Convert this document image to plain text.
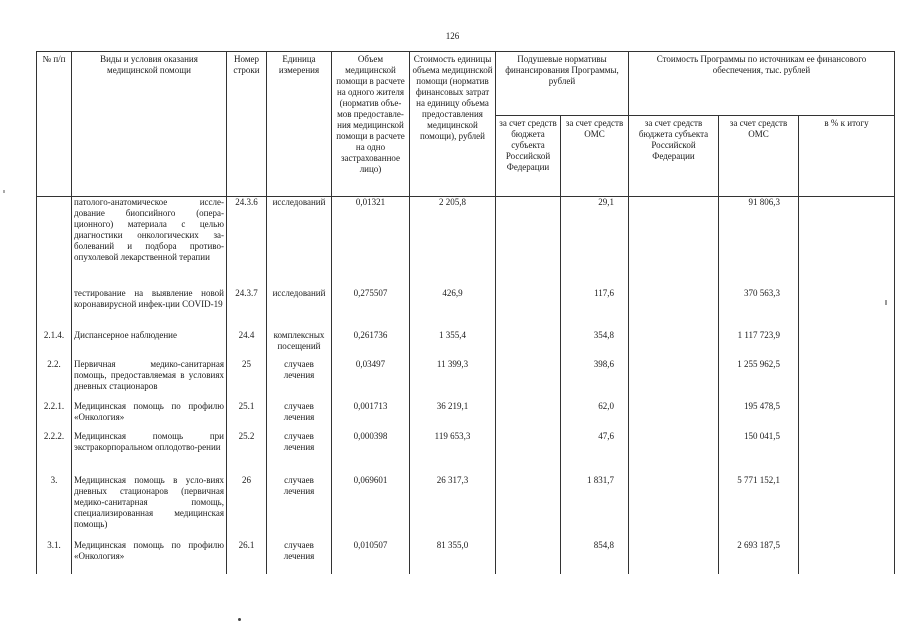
126
№ п/п	Виды и условия оказания медицинской помощи	Номер строки	Единица измерения	Объем медицинской помощи в расчете на одного жителя (норматив объе-мов предоставле-ния медицинской помощи в расчете на одно застрахованное лицо)	Стоимость единицы объема медицинской помощи (норматив финансовых затрат на единицу объема предоставления медицинской помощи), рублей	Подушевые нормативы финансирования Программы, рублей		Стоимость Программы по источникам ее финансового обеспечения, тыс. рублей		
						за счет средств бюджета субъекта Российской Федерации	за счет средств ОМС	за счет средств бюджета субъекта Российской Федерации	за счет средств ОМС	в % к итогу
	патолого-анатомическое иссле-дование биопсийного (опера-ционного) материала с целью диагностики онкологических за-болеваний и подбора противо-опухолевой лекарственной терапии	24.3.6	исследований	0,01321	2 205,8		29,1		91 806,3	
	тестирование на выявление новой коронавирусной инфек-ции COVID-19	24.3.7	исследований	0,275507	426,9		117,6		370 563,3	
2.1.4.	Диспансерное наблюдение	24.4	комплексных посещений	0,261736	1 355,4		354,8		1 117 723,9	
2.2.	Первичная медико-санитарная помощь, предоставляемая в условиях дневных стационаров	25	случаев лечения	0,03497	11 399,3		398,6		1 255 962,5	
2.2.1.	Медицинская помощь по профилю «Онкология»	25.1	случаев лечения	0,001713	36 219,1		62,0		195 478,5	
2.2.2.	Медицинская помощь при экстракорпоральном оплодотво-рении	25.2	случаев лечения	0,000398	119 653,3		47,6		150 041,5	
3.	Медицинская помощь в усло-виях дневных стационаров (первичная медико-санитарная помощь, специализированная медицинская помощь)	26	случаев лечения	0,069601	26 317,3		1 831,7		5 771 152,1	
3.1.	Медицинская помощь по профилю «Онкология»	26.1	случаев лечения	0,010507	81 355,0		854,8		2 693 187,5	
